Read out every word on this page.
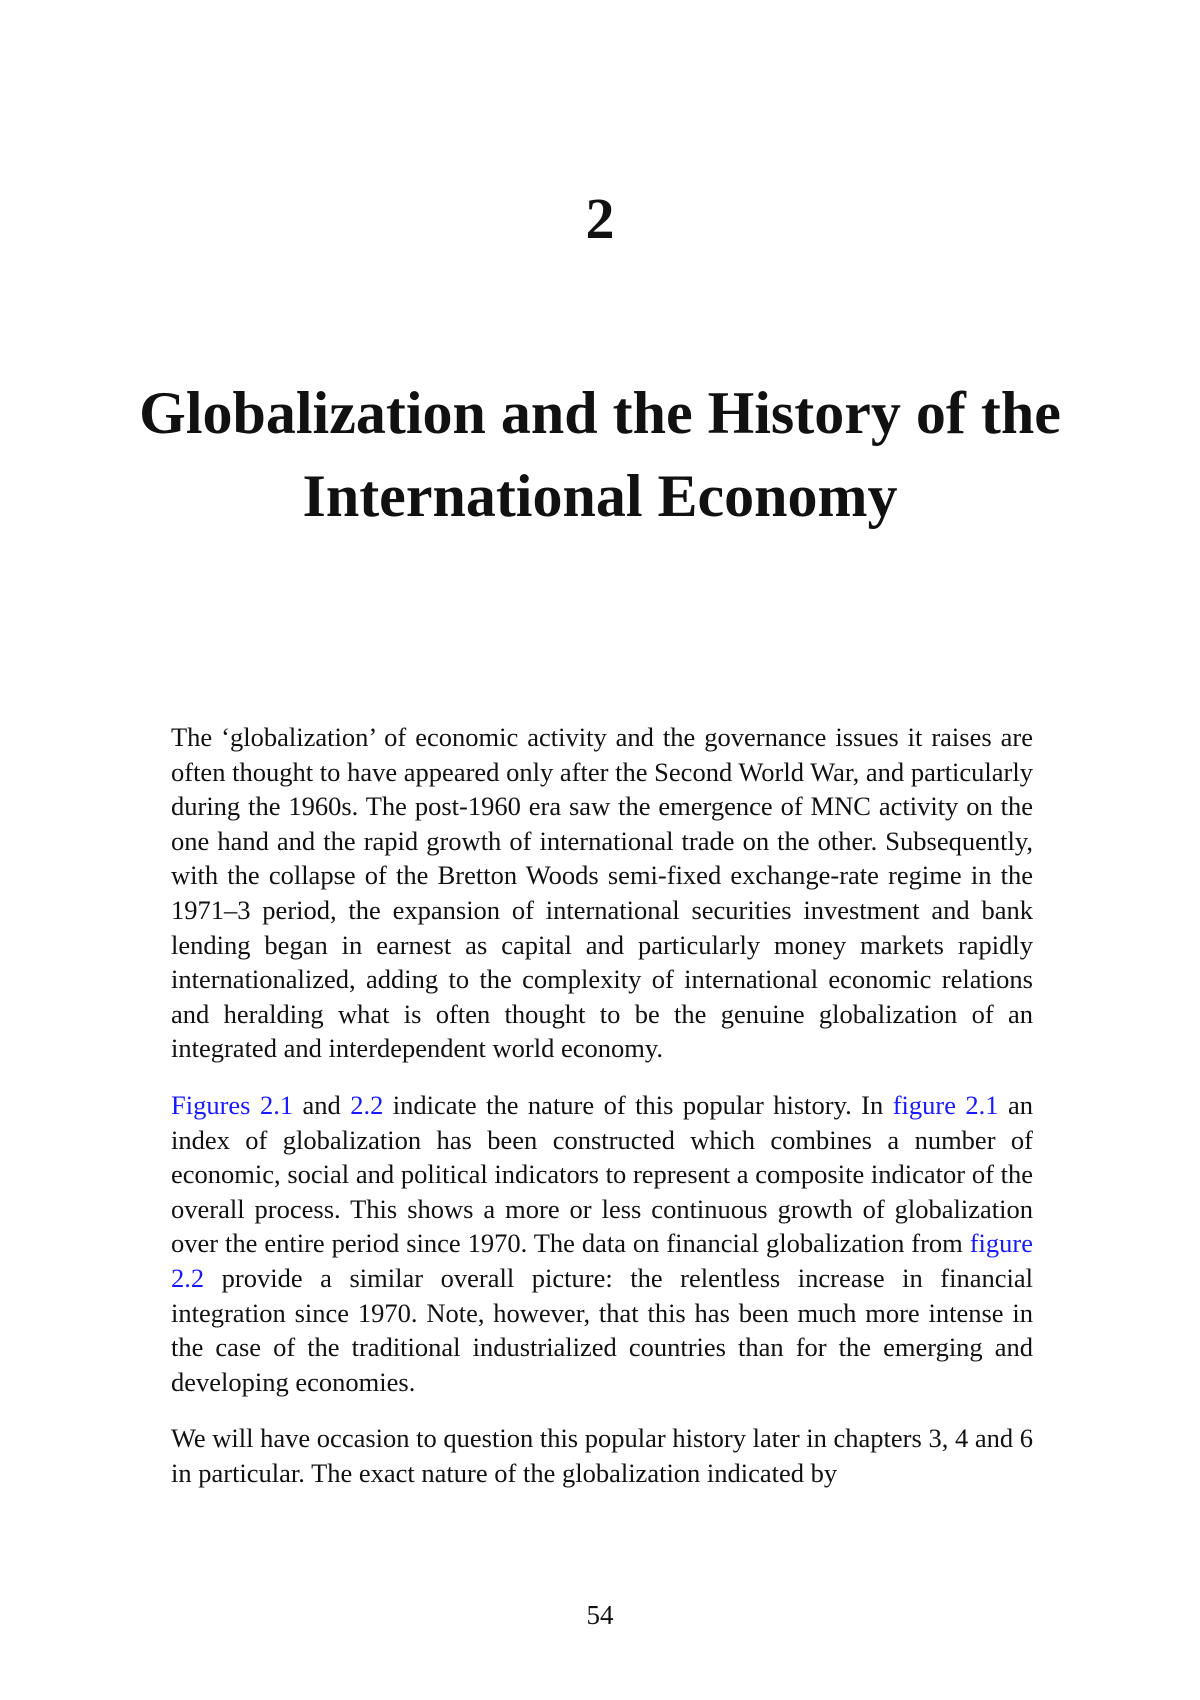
2
Globalization and the History of the International Economy

The ‘globalization’ of economic activity and the governance issues it raises are often thought to have appeared only after the Second World War, and particularly during the 1960s. The post-1960 era saw the emergence of MNC activity on the one hand and the rapid growth of international trade on the other. Subsequently, with the collapse of the Bretton Woods semi-fixed exchange-rate regime in the 1971–3 period, the expansion of international securities investment and bank lending began in earnest as capital and particularly money markets rapidly internationalized, adding to the complexity of international economic relations and heralding what is often thought to be the genuine globalization of an integrated and interdependent world economy.

Figures 2.1 and 2.2 indicate the nature of this popular history. In figure 2.1 an index of globalization has been constructed which combines a number of economic, social and political indicators to represent a composite indicator of the overall process. This shows a more or less continuous growth of globalization over the entire period since 1970. The data on financial globalization from figure 2.2 provide a similar overall picture: the relentless increase in financial integration since 1970. Note, however, that this has been much more intense in the case of the traditional industrialized countries than for the emerging and developing economies.

We will have occasion to question this popular history later in chapters 3, 4 and 6 in particular. The exact nature of the globalization indicated by

54
